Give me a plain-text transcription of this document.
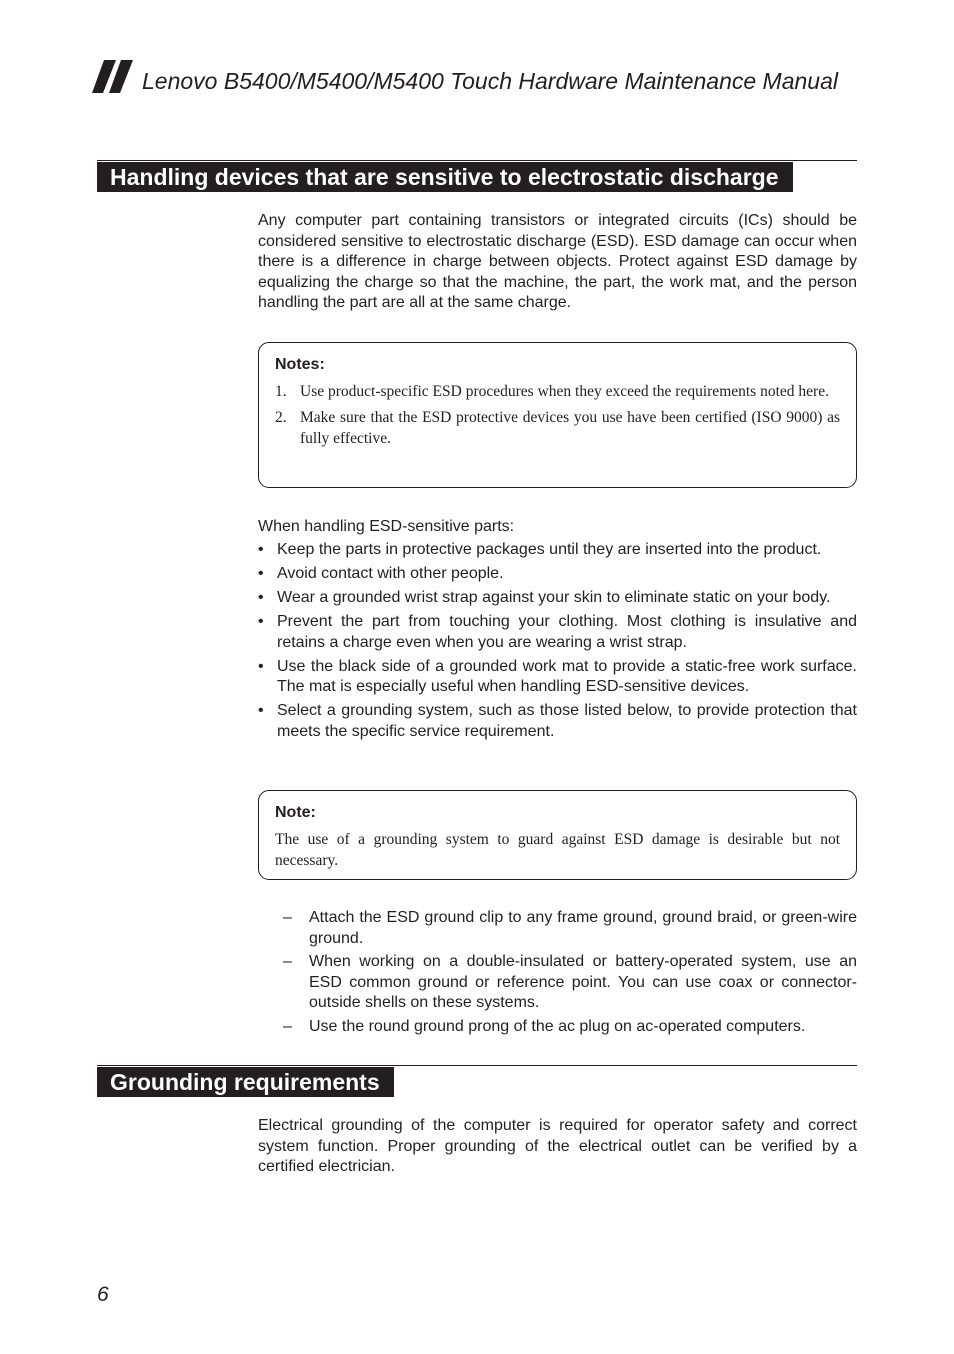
Lenovo B5400/M5400/M5400 Touch Hardware Maintenance Manual
Handling devices that are sensitive to electrostatic discharge

Any computer part containing transistors or integrated circuits (ICs) should be considered sensitive to electrostatic discharge (ESD). ESD damage can occur when there is a difference in charge between objects. Protect against ESD damage by equalizing the charge so that the machine, the part, the work mat, and the person handling the part are all at the same charge.

Notes:
1. Use product-specific ESD procedures when they exceed the requirements noted here.
2. Make sure that the ESD protective devices you use have been certified (ISO 9000) as fully effective.
When handling ESD-sensitive parts:
• Keep the parts in protective packages until they are inserted into the product.
• Avoid contact with other people.
• Wear a grounded wrist strap against your skin to eliminate static on your body.
• Prevent the part from touching your clothing. Most clothing is insulative and retains a charge even when you are wearing a wrist strap.
• Use the black side of a grounded work mat to provide a static-free work surface. The mat is especially useful when handling ESD-sensitive devices.
• Select a grounding system, such as those listed below, to provide protection that meets the specific service requirement.
Note:
The use of a grounding system to guard against ESD damage is desirable but not necessary.
– Attach the ESD ground clip to any frame ground, ground braid, or green-wire ground.
– When working on a double-insulated or battery-operated system, use an ESD common ground or reference point. You can use coax or connector-outside shells on these systems.
– Use the round ground prong of the ac plug on ac-operated computers.
Grounding requirements

Electrical grounding of the computer is required for operator safety and correct system function. Proper grounding of the electrical outlet can be verified by a certified electrician.

6
